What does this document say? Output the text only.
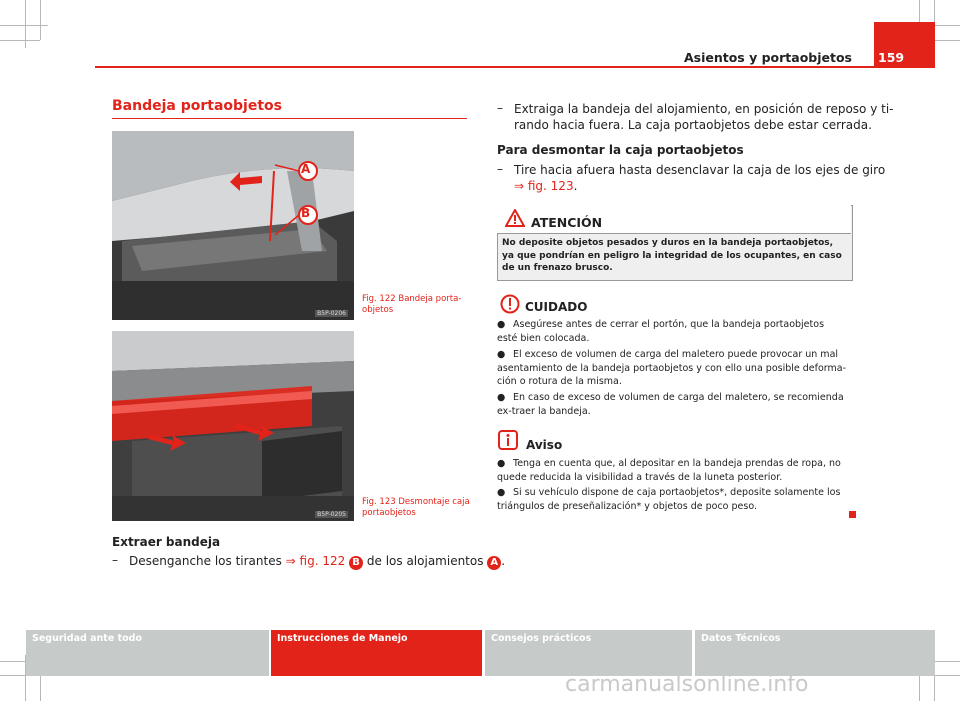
Asientos y portaobjetos 159
Bandeja portaobjetos
A
B
B5P-0206
Fig. 122 Bandeja porta-objetos
B5P-0205
Fig. 123 Desmontaje caja portaobjetos
Extraer bandeja
– Desenganche los tirantes ⇒ fig. 122 B de los alojamientos A .
– Extraiga la bandeja del alojamiento, en posición de reposo y ti-
rando hacia fuera. La caja portaobjetos debe estar cerrada.
Para desmontar la caja portaobjetos
– Tire hacia afuera hasta desenclavar la caja de los ejes de giro
⇒ fig. 123.
ATENCIÓN
No deposite objetos pesados y duros en la bandeja portaobjetos, ya que pondrían en peligro la integridad de los ocupantes, en caso de un frenazo brusco.
CUIDADO
● Asegúrese antes de cerrar el portón, que la bandeja portaobjetos esté bien colocada.
● El exceso de volumen de carga del maletero puede provocar un mal asentamiento de la bandeja portaobjetos y con ello una posible deforma-ción o rotura de la misma.
● En caso de exceso de volumen de carga del maletero, se recomienda ex-traer la bandeja.
Aviso
● Tenga en cuenta que, al depositar en la bandeja prendas de ropa, no quede reducida la visibilidad a través de la luneta posterior.
● Si su vehículo dispone de caja portaobjetos*, deposite solamente los triángulos de preseñalización* y objetos de poco peso.
Seguridad ante todo	Instrucciones de Manejo	Consejos prácticos	Datos Técnicos
carmanualsonline.info
